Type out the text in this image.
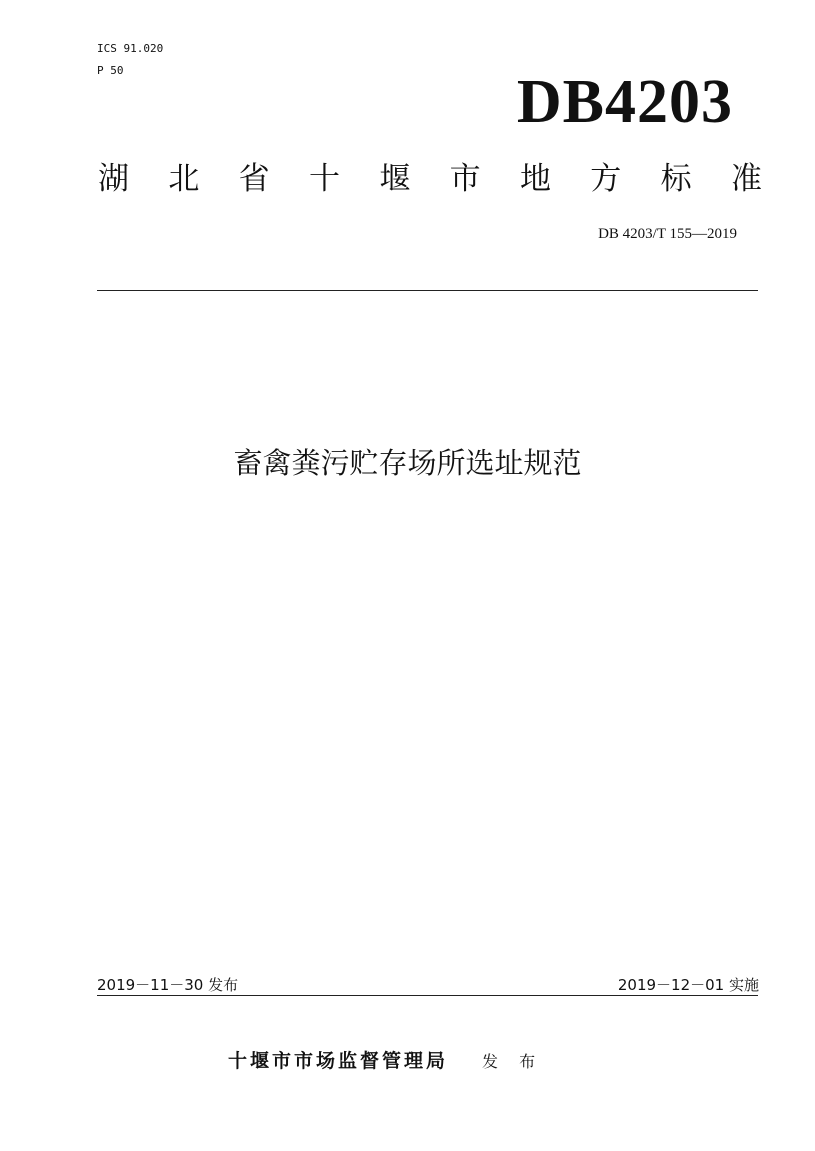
ICS 91.020
P 50	DB4203
湖 北 省 十 堰 市 地 方 标 准
DB 4203/T 155—2019
畜禽粪污贮存场所选址规范
2019－11－30 发布	2019－12－01 实施
十堰市市场监督管理局 发 布
